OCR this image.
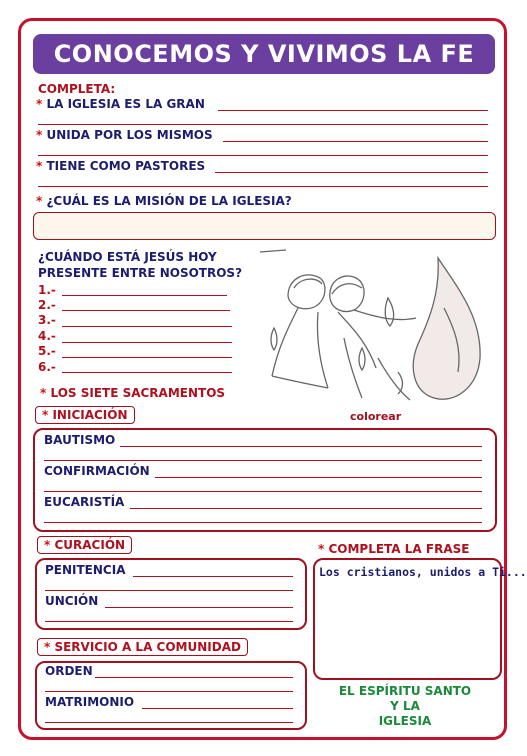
CONOCEMOS Y VIVIMOS LA FE
COMPLETA:
* LA IGLESIA ES LA GRAN
* UNIDA POR LOS MISMOS
* TIENE COMO PASTORES
* ¿CUÁL ES LA MISIÓN DE LA IGLESIA?
¿CUÁNDO ESTÁ JESÚS HOY
PRESENTE ENTRE NOSOTROS?
1.-
2.-
3.-
4.-
5.-
6.-
colorear
* LOS SIETE SACRAMENTOS
* INICIACIÓN
BAUTISMO
CONFIRMACIÓN
EUCARISTÍA
* CURACIÓN
PENITENCIA
UNCIÓN
* SERVICIO A LA COMUNIDAD
ORDEN
MATRIMONIO
* COMPLETA LA FRASE
Los cristianos, unidos a Ti...
EL ESPÍRITU SANTO
Y LA
IGLESIA
